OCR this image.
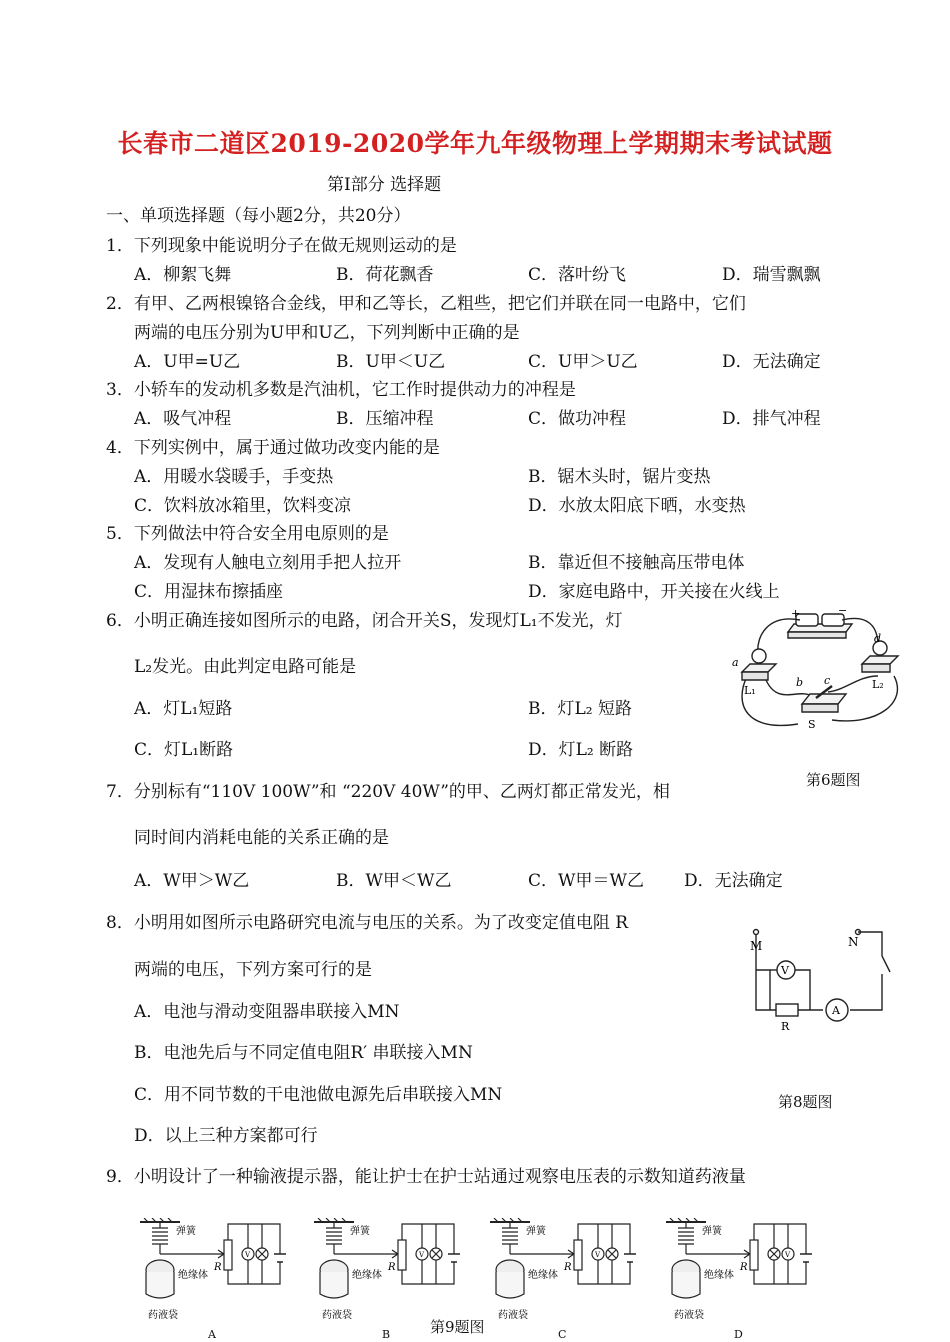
长春市二道区2019-2020学年九年级物理上学期期末考试试题
第I部分 选择题
一、单项选择题（每小题2分，共20分）
1．下列现象中能说明分子在做无规则运动的是
A．柳絮飞舞	B．荷花飘香	C．落叶纷飞	D．瑞雪飘飘
2．有甲、乙两根镍铬合金线，甲和乙等长，乙粗些，把它们并联在同一电路中，它们
两端的电压分别为U甲和U乙，下列判断中正确的是
A．U甲=U乙	B．U甲＜U乙	C．U甲＞U乙	D．无法确定
3．小轿车的发动机多数是汽油机，它工作时提供动力的冲程是
A．吸气冲程	B．压缩冲程	C．做功冲程	D．排气冲程
4．下列实例中，属于通过做功改变内能的是
A．用暖水袋暖手，手变热	B．锯木头时，锯片变热
C．饮料放冰箱里，饮料变凉	D．水放太阳底下晒，水变热
5．下列做法中符合安全用电原则的是
A．发现有人触电立刻用手把人拉开	B．靠近但不接触高压带电体
C．用湿抹布擦插座	D．家庭电路中，开关接在火线上
6．小明正确连接如图所示的电路，闭合开关S，发现灯L₁不发光，灯
L₂发光。由此判定电路可能是
A．灯L₁短路	B．灯L₂ 短路
C．灯L₁断路	D．灯L₂ 断路
第6题图
+	−
a
d
b c
L₁	L₂
S
7．分别标有“110V 100W”和 “220V 40W”的甲、乙两灯都正常发光，相
同时间内消耗电能的关系正确的是
A．W甲＞W乙	B．W甲＜W乙	C．W甲＝W乙 D．无法确定
8．小明用如图所示电路研究电流与电压的关系。为了改变定值电阻 R
两端的电压，下列方案可行的是
A．电池与滑动变阻器串联接入MN
B．电池先后与不同定值电阻R′ 串联接入MN
C．用不同节数的干电池做电源先后串联接入MN
D．以上三种方案都可行
第8题图
M	N
V
A
R
9．小明设计了一种输液提示器，能让护士在护士站通过观察电压表的示数知道药液量
弹簧
绝缘体
药液袋
R
V
A
弹簧
绝缘体
药液袋
R
V
B
弹簧
绝缘体
药液袋
R
V
C
弹簧
绝缘体
药液袋
R
V
D
第9题图
